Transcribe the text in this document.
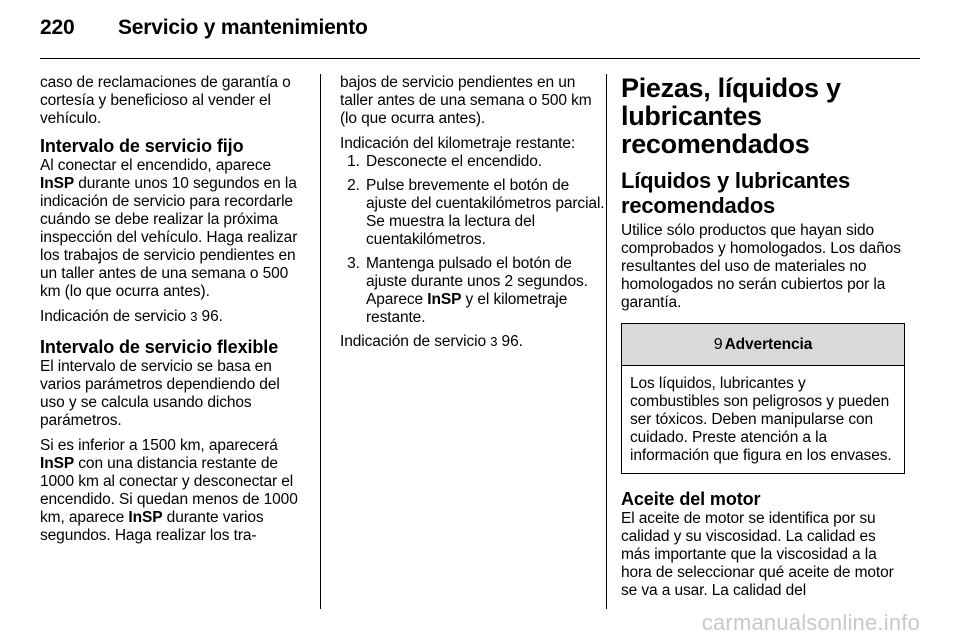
220 Servicio y mantenimiento

caso de reclamaciones de garantía o cortesía y beneficioso al vender el vehículo.

Intervalo de servicio fijo

Al conectar el encendido, aparece InSP durante unos 10 segundos en la indicación de servicio para recordarle cuándo se debe realizar la próxima inspección del vehículo. Haga realizar los trabajos de servicio pendientes en un taller antes de una semana o 500 km (lo que ocurra antes).

Indicación de servicio 3 96.

Intervalo de servicio flexible

El intervalo de servicio se basa en varios parámetros dependiendo del uso y se calcula usando dichos parámetros.

Si es inferior a 1500 km, aparecerá InSP con una distancia restante de 1000 km al conectar y desconectar el encendido. Si quedan menos de 1000 km, aparece InSP durante varios segundos. Haga realizar los tra-

bajos de servicio pendientes en un taller antes de una semana o 500 km (lo que ocurra antes).

Indicación del kilometraje restante:

1. Desconecte el encendido.
2. Pulse brevemente el botón de ajuste del cuentakilómetros parcial. Se muestra la lectura del cuentakilómetros.
3. Mantenga pulsado el botón de ajuste durante unos 2 segundos. Aparece InSP y el kilometraje restante.

Indicación de servicio 3 96.

Piezas, líquidos y lubricantes recomendados
Líquidos y lubricantes recomendados

Utilice sólo productos que hayan sido comprobados y homologados. Los daños resultantes del uso de materiales no homologados no serán cubiertos por la garantía.

9 Advertencia
Los líquidos, lubricantes y combustibles son peligrosos y pueden ser tóxicos. Deben manipularse con cuidado. Preste atención a la información que figura en los envases.
Aceite del motor

El aceite de motor se identifica por su calidad y su viscosidad. La calidad es más importante que la viscosidad a la hora de seleccionar qué aceite de motor se va a usar. La calidad del

carmanualsonline.info
